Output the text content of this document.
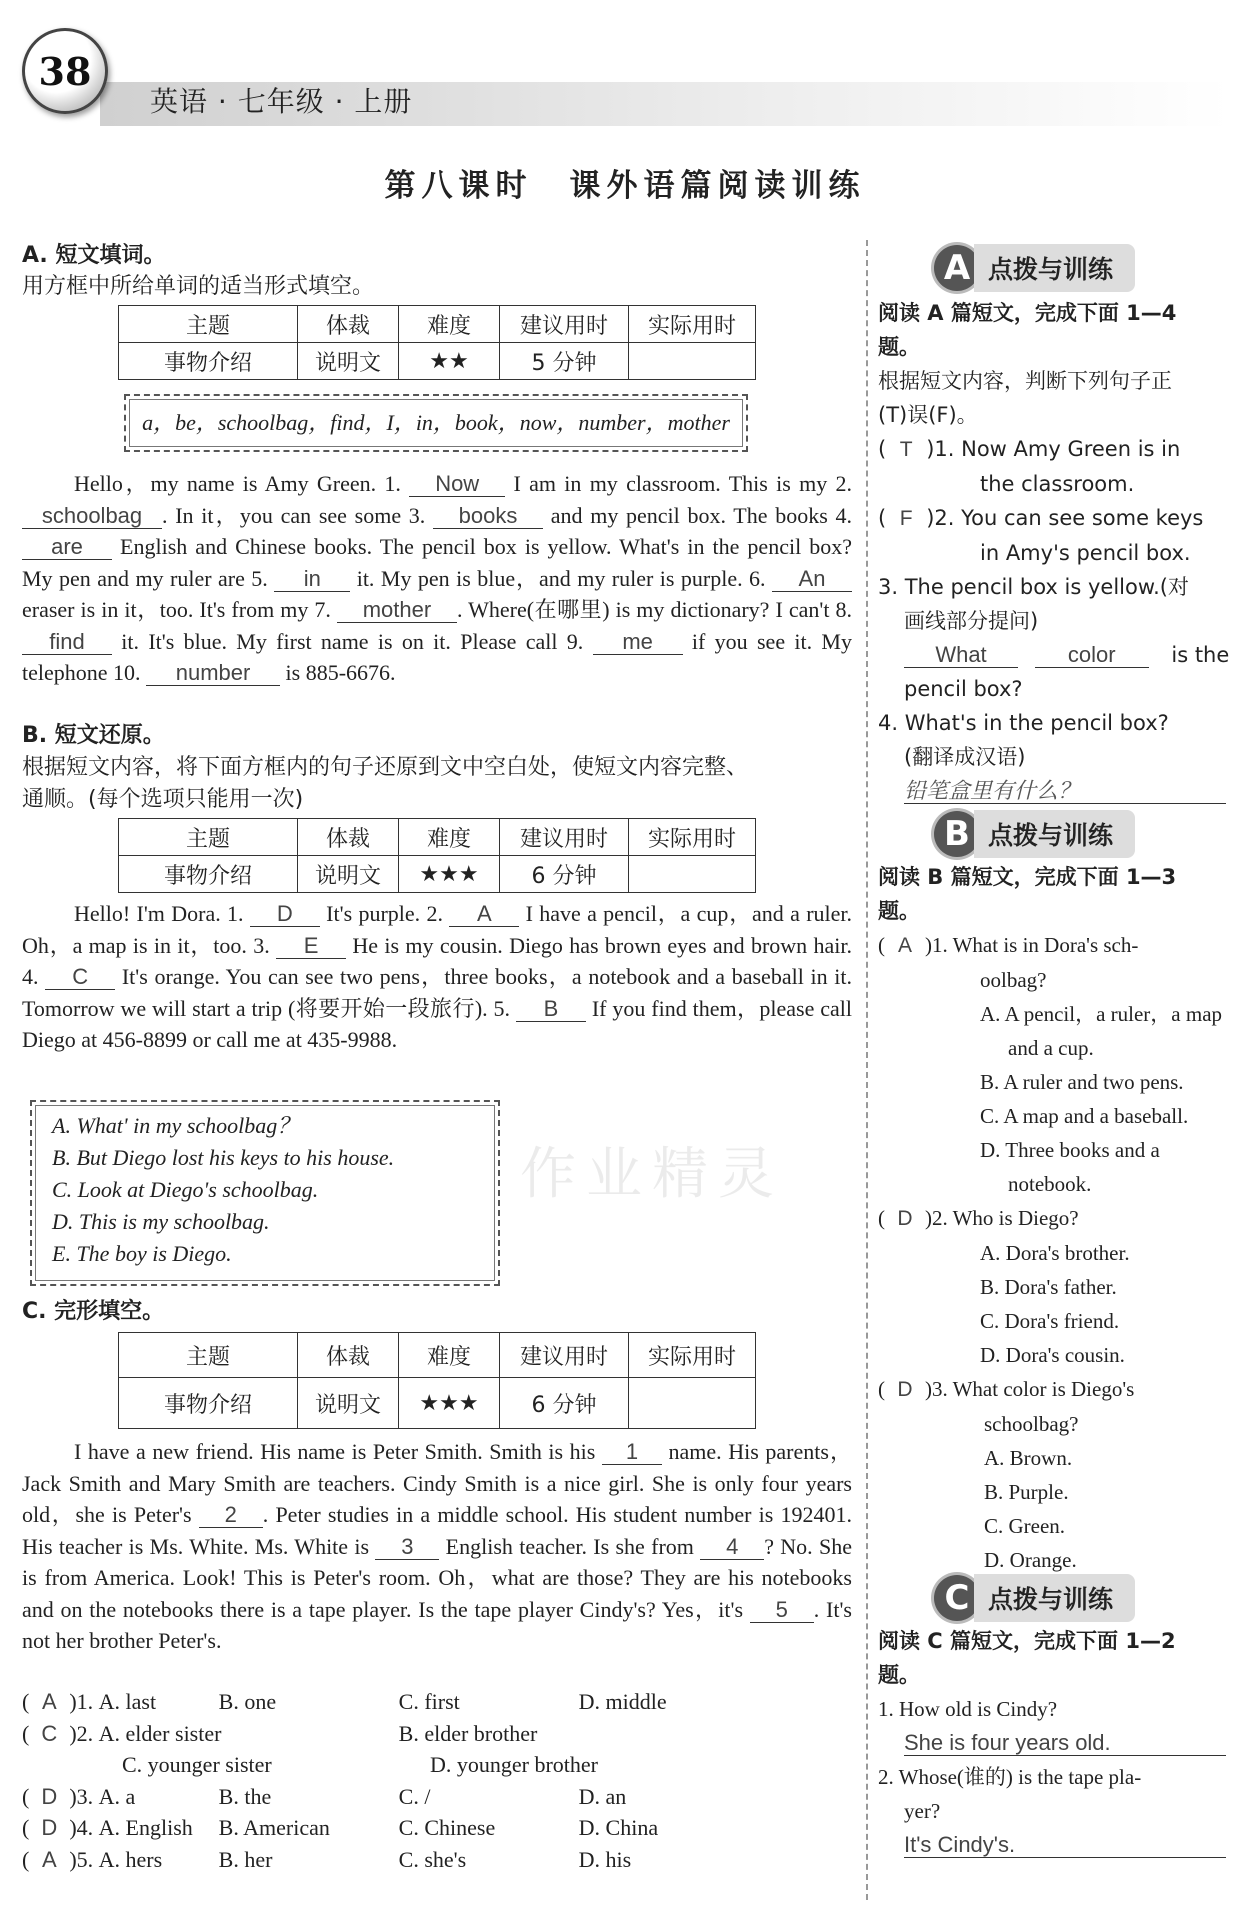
38
英语 · 七年级 · 上册
第八课时　课外语篇阅读训练
A. 短文填词。
用方框中所给单词的适当形式填空。
主题	体裁	难度	建议用时	实际用时
事物介绍	说明文	★★	5 分钟	
a，be，schoolbag，find，I，in，book，now，number，mother
Hello，my name is Amy Green. 1. Now I am in my classroom. This is my 2. schoolbag . In it，you can see some 3. books and my pencil box. The books 4. are English and Chinese books. The pencil box is yellow. What's in the pencil box? My pen and my ruler are 5. in it. My pen is blue，and my ruler is purple. 6. An eraser is in it，too. It's from my 7. mother . Where(在哪里) is my dictionary? I can't 8. find it. It's blue. My first name is on it. Please call 9. me if you see it. My telephone 10. number is 885-6676.
B. 短文还原。
根据短文内容，将下面方框内的句子还原到文中空白处，使短文内容完整、
通顺。(每个选项只能用一次)
主题	体裁	难度	建议用时	实际用时
事物介绍	说明文	★★★	6 分钟	
Hello! I'm Dora. 1. D It's purple. 2. A I have a pencil，a cup，and a ruler. Oh，a map is in it，too. 3. E He is my cousin. Diego has brown eyes and brown hair. 4. C It's orange. You can see two pens，three books，a notebook and a baseball in it. Tomorrow we will start a trip (将要开始一段旅行). 5. B If you find them，please call Diego at 456-8899 or call me at 435-9988.
A. What' in my schoolbag？
B. But Diego lost his keys to his house.
C. Look at Diego's schoolbag.
D. This is my schoolbag.
E. The boy is Diego.
作业精灵
C. 完形填空。
主题	体裁	难度	建议用时	实际用时
事物介绍	说明文	★★★	6 分钟	
I have a new friend. His name is Peter Smith. Smith is his 1 name. His parents，Jack Smith and Mary Smith are teachers. Cindy Smith is a nice girl. She is only four years old，she is Peter's 2 . Peter studies in a middle school. His student number is 192401. His teacher is Ms. White. Ms. White is 3 English teacher. Is she from 4 ? No. She is from America. Look! This is Peter's room. Oh，what are those? They are his notebooks and on the notebooks there is a tape player. Is the tape player Cindy's? Yes，it's 5 . It's not her brother Peter's.
( A )1. A. last	B. one	C. first	D. middle
( C )2. A. elder sister	B. elder brother
C. younger sister	D. younger brother
( D )3. A. a	B. the	C. /	D. an
( D )4. A. English B. American	C. Chinese	D. China
( A )5. A. hers	B. her	C. she's	D. his
A 点拨与训练
阅读 A 篇短文，完成下面 1—4
题。
根据短文内容，判断下列句子正
(T)误(F)。
( T )1. Now Amy Green is in
the classroom.
( F )2. You can see some keys
in Amy's pencil box.
3. The pencil box is yellow.(对
画线部分提问)
What	color	is the
pencil box?
4. What's in the pencil box?
(翻译成汉语)
铅笔盒里有什么？
B 点拨与训练
阅读 B 篇短文，完成下面 1—3
题。
( A )1. What is in Dora's sch-
oolbag?
A. A pencil，a ruler，a map
and a cup.
B. A ruler and two pens.
C. A map and a baseball.
D. Three books and a
notebook.
( D )2. Who is Diego?
A. Dora's brother.
B. Dora's father.
C. Dora's friend.
D. Dora's cousin.
( D )3. What color is Diego's
schoolbag?
A. Brown.
B. Purple.
C. Green.
D. Orange.
C 点拨与训练
阅读 C 篇短文，完成下面 1—2
题。
1. How old is Cindy?
She is four years old.
2. Whose(谁的) is the tape pla-
yer?
It's Cindy's.
